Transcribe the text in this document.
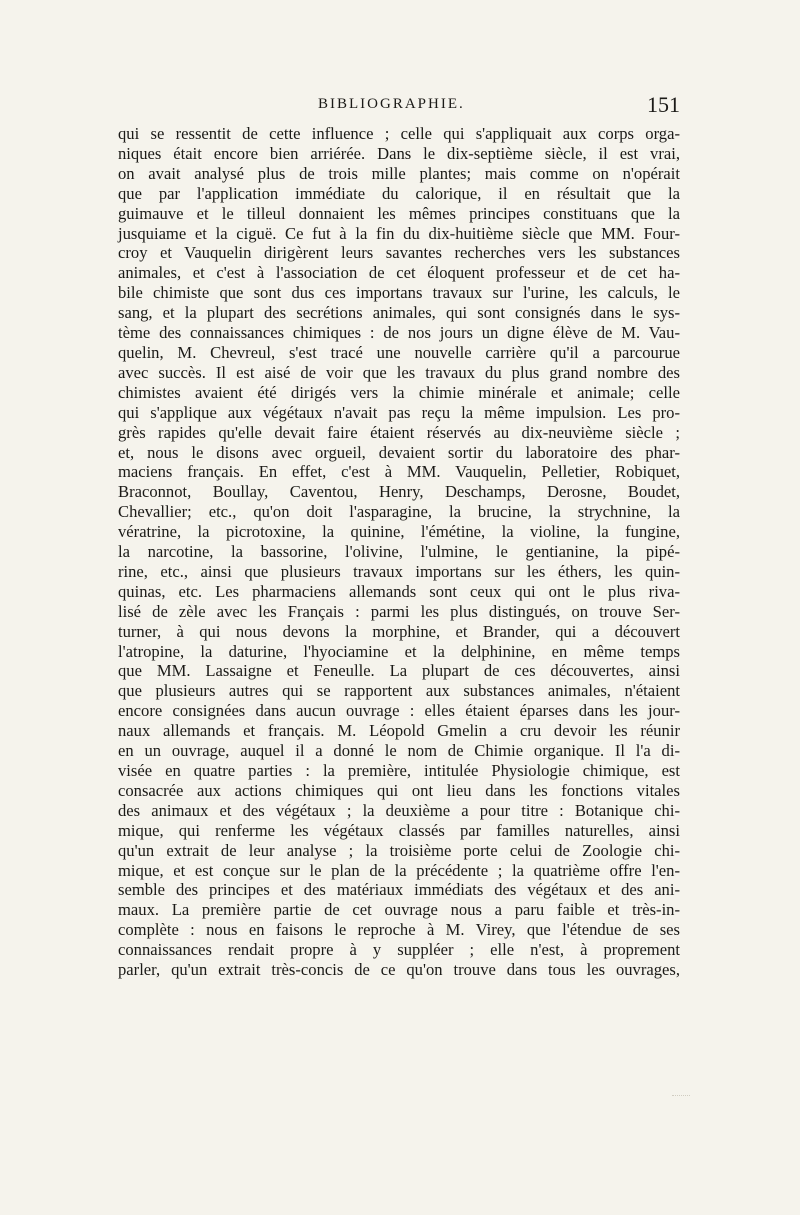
BIBLIOGRAPHIE.	151
qui se ressentit de cette influence ; celle qui s'appliquait aux corps orga-
niques était encore bien arriérée. Dans le dix-septième siècle, il est vrai,
on avait analysé plus de trois mille plantes; mais comme on n'opérait
que par l'application immédiate du calorique, il en résultait que la
guimauve et le tilleul donnaient les mêmes principes constituans que la
jusquiame et la ciguë. Ce fut à la fin du dix-huitième siècle que MM. Four-
croy et Vauquelin dirigèrent leurs savantes recherches vers les substances
animales, et c'est à l'association de cet éloquent professeur et de cet ha-
bile chimiste que sont dus ces importans travaux sur l'urine, les calculs, le
sang, et la plupart des secrétions animales, qui sont consignés dans le sys-
tème des connaissances chimiques : de nos jours un digne élève de M. Vau-
quelin, M. Chevreul, s'est tracé une nouvelle carrière qu'il a parcourue
avec succès. Il est aisé de voir que les travaux du plus grand nombre des
chimistes avaient été dirigés vers la chimie minérale et animale; celle
qui s'applique aux végétaux n'avait pas reçu la même impulsion. Les pro-
grès rapides qu'elle devait faire étaient réservés au dix-neuvième siècle ;
et, nous le disons avec orgueil, devaient sortir du laboratoire des phar-
maciens français. En effet, c'est à MM. Vauquelin, Pelletier, Robiquet,
Braconnot, Boullay, Caventou, Henry, Deschamps, Derosne, Boudet,
Chevallier; etc., qu'on doit l'asparagine, la brucine, la strychnine, la
vératrine, la picrotoxine, la quinine, l'émétine, la violine, la fungine,
la narcotine, la bassorine, l'olivine, l'ulmine, le gentianine, la pipé-
rine, etc., ainsi que plusieurs travaux importans sur les éthers, les quin-
quinas, etc. Les pharmaciens allemands sont ceux qui ont le plus riva-
lisé de zèle avec les Français : parmi les plus distingués, on trouve Ser-
turner, à qui nous devons la morphine, et Brander, qui a découvert
l'atropine, la daturine, l'hyociamine et la delphinine, en même temps
que MM. Lassaigne et Feneulle. La plupart de ces découvertes, ainsi
que plusieurs autres qui se rapportent aux substances animales, n'étaient
encore consignées dans aucun ouvrage : elles étaient éparses dans les jour-
naux allemands et français. M. Léopold Gmelin a cru devoir les réunir
en un ouvrage, auquel il a donné le nom de Chimie organique. Il l'a di-
visée en quatre parties : la première, intitulée Physiologie chimique, est
consacrée aux actions chimiques qui ont lieu dans les fonctions vitales
des animaux et des végétaux ; la deuxième a pour titre : Botanique chi-
mique, qui renferme les végétaux classés par familles naturelles, ainsi
qu'un extrait de leur analyse ; la troisième porte celui de Zoologie chi-
mique, et est conçue sur le plan de la précédente ; la quatrième offre l'en-
semble des principes et des matériaux immédiats des végétaux et des ani-
maux. La première partie de cet ouvrage nous a paru faible et très-in-
complète : nous en faisons le reproche à M. Virey, que l'étendue de ses
connaissances rendait propre à y suppléer ; elle n'est, à proprement
parler, qu'un extrait très-concis de ce qu'on trouve dans tous les ouvrages,
